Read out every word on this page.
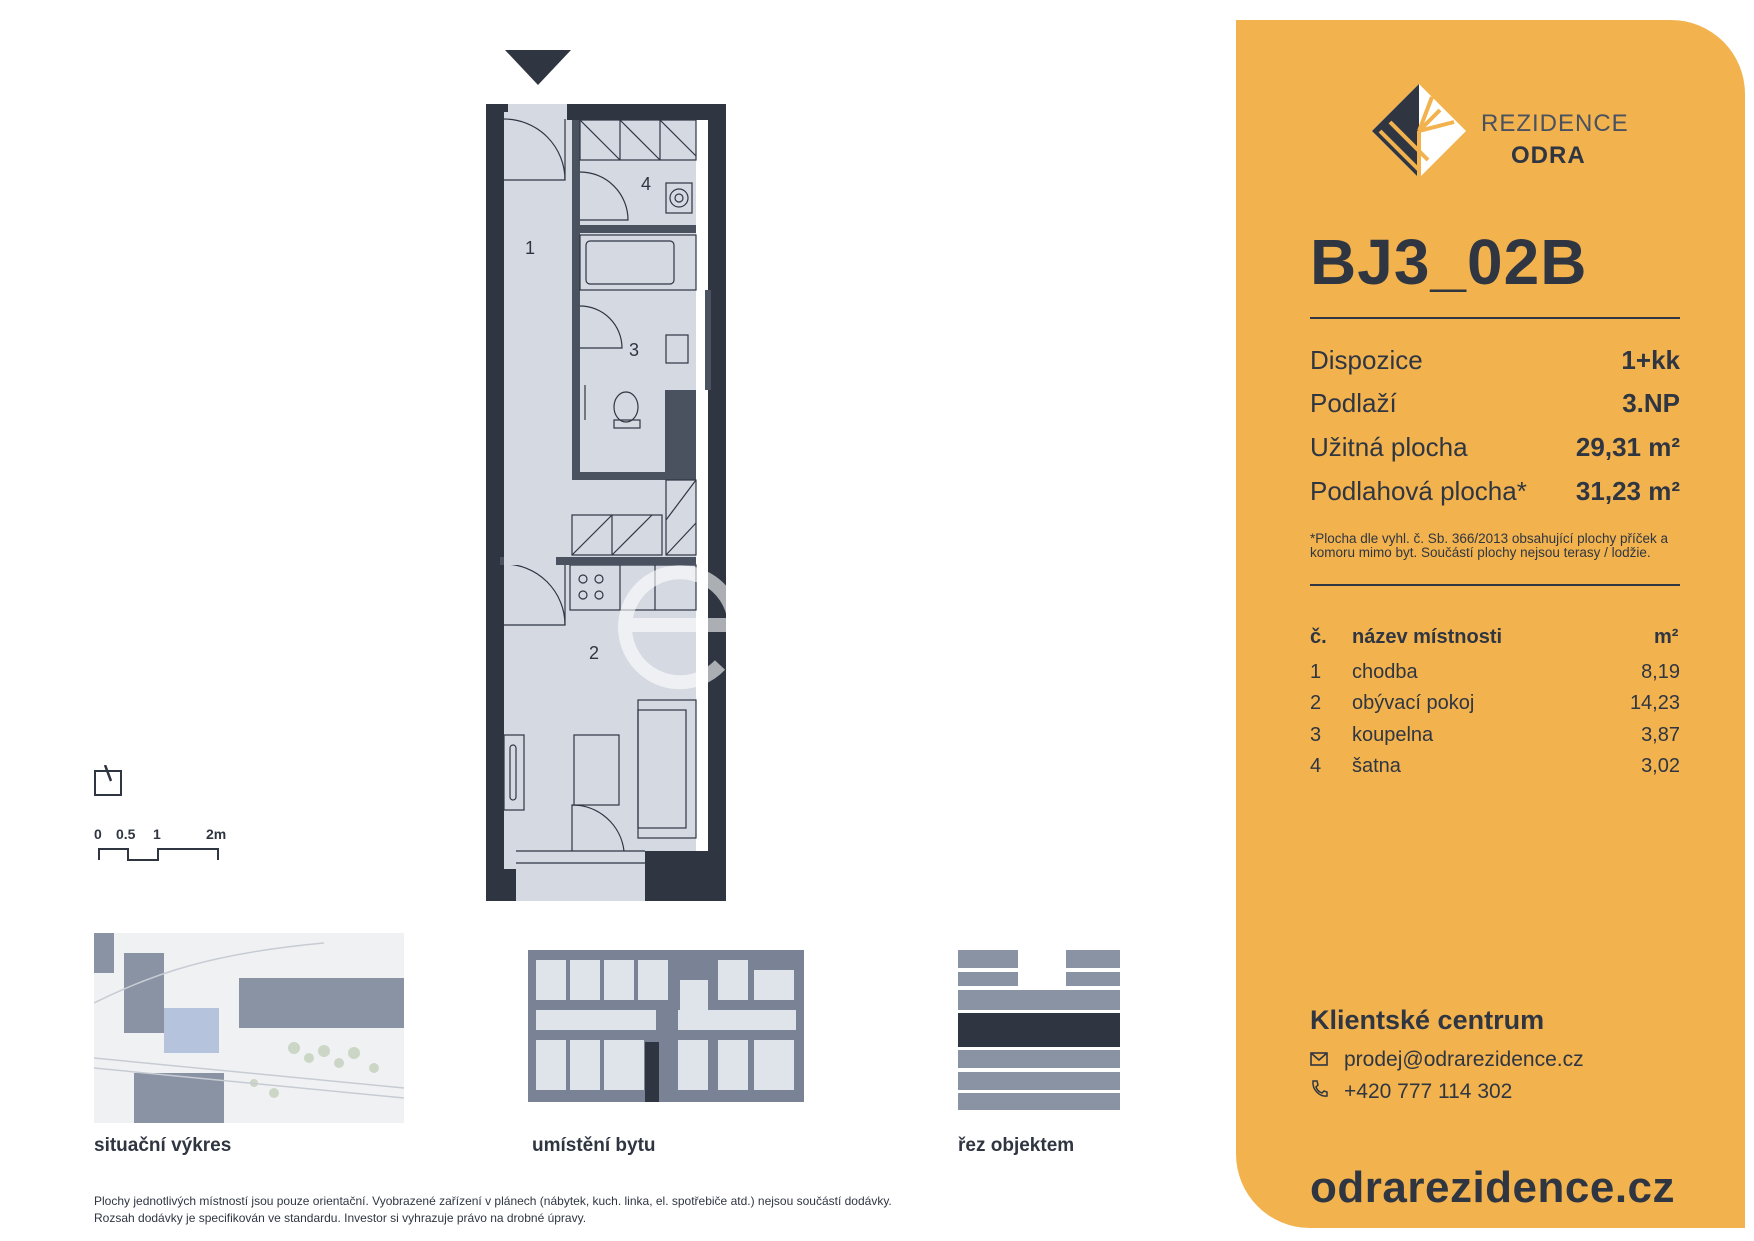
1
2
3
4
0 0.5 1	2m
situační výkres	umístění bytu	řez objektem
Plochy jednotlivých místností jsou pouze orientační. Vyobrazené zařízení v plánech (nábytek, kuch. linka, el. spotřebiče atd.) nejsou součástí dodávky.
Rozsah dodávky je specifikován ve standardu. Investor si vyhrazuje právo na drobné úpravy.
REZIDENCE
ODRA
BJ3_02B
Dispozice	1+kk
Podlaží	3.NP
Užitná plocha	29,31 m²
Podlahová plocha* 31,23 m²
*Plocha dle vyhl. č. Sb. 366/2013 obsahující plochy příček a komoru mimo byt. Součástí plochy nejsou terasy / lodžie.
č. název místnosti	m²
1 chodba	8,19
2 obývací pokoj	14,23
3 koupelna	3,87
4 šatna	3,02
Klientské centrum
prodej@odrarezidence.cz
+420 777 114 302
odrarezidence.cz
